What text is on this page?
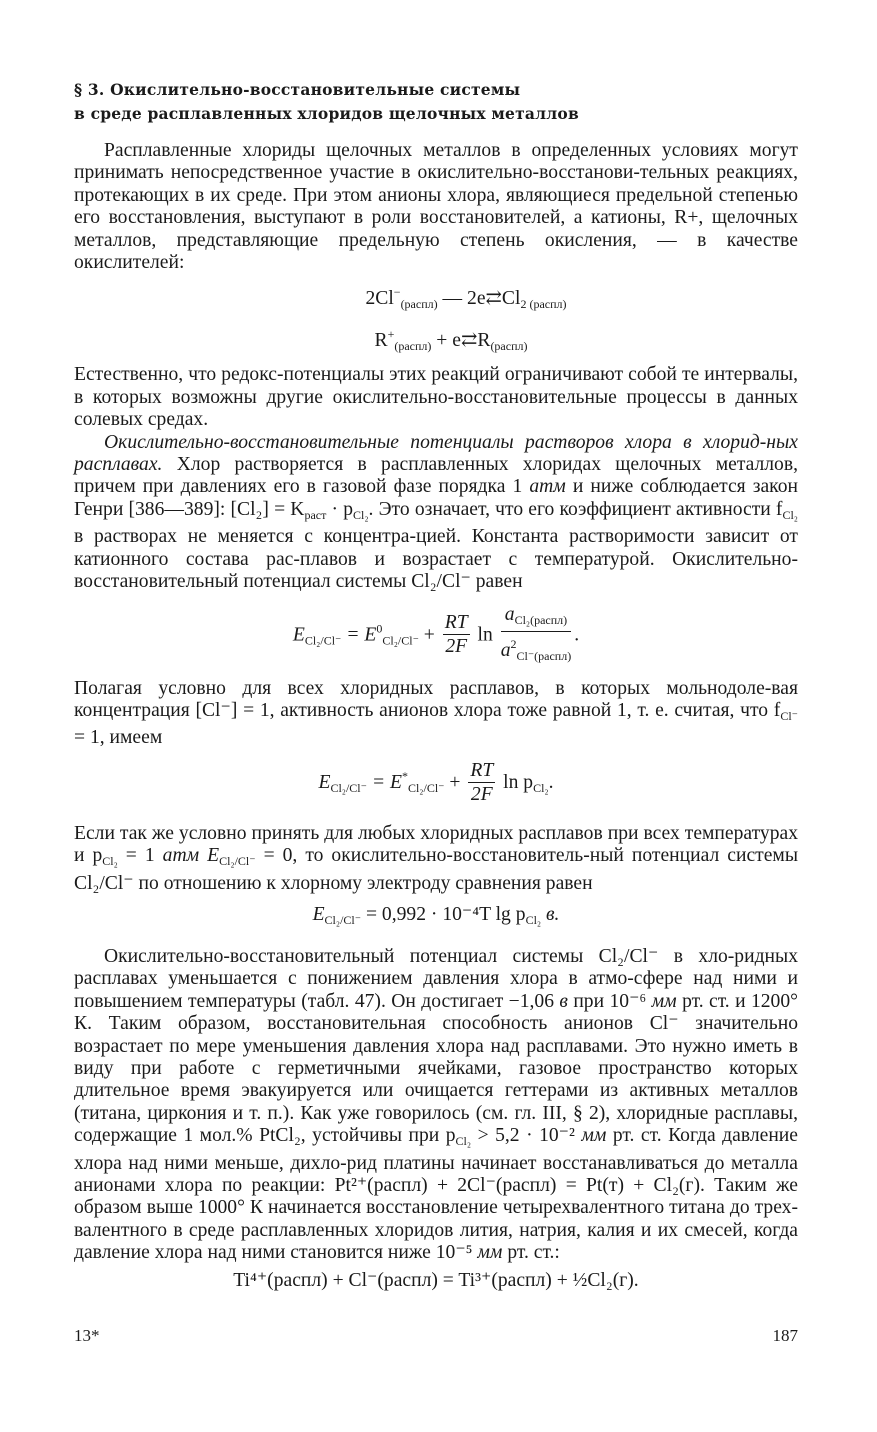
§ 3. Окислительно-восстановительные системы
в среде расплавленных хлоридов щелочных металлов

Расплавленные хлориды щелочных металлов в определенных условиях могут принимать непосредственное участие в окислительно-восстанови-тельных реакциях, протекающих в их среде. При этом анионы хлора, являющиеся предельной степенью его восстановления, выступают в роли восстановителей, а катионы, R+, щелочных металлов, представляющие предельную степень окисления, — в качестве окислителей:

$2Cl^-_{(распл)}$ — $2e⇄Cl_{2 (распл)}$
$R^+_{(распл)}$ + $e⇄R_{(распл)}$

Естественно, что редокс-потенциалы этих реакций ограничивают собой те интервалы, в которых возможны другие окислительно-восстановительные процессы в данных солевых средах.

Окислительно-восстановительные потенциалы растворов хлора в хлорид-ных расплавах. Хлор растворяется в расплавленных хлоридах щелочных металлов, причем при давлениях его в газовой фазе порядка 1 атм и ниже соблюдается закон Генри [386—389]: $[Cl_2] = K_{раст} \cdot p_{Cl_2}$. Это означает, что его коэффициент активности $f_{Cl_2}$ в растворах не меняется с концентра-цией. Константа растворимости зависит от катионного состава рас-плавов и возрастает с температурой. Окислительно-восстановительный потенциал системы Cl₂/Cl⁻ равен

$E_{Cl_2/Cl^-} = E^0_{Cl_2/Cl^-} + \frac{RT}{2F}$ $\ln \frac{a_{Cl_2(распл)}}{a^2_{Cl^-(распл)}}$ .

Полагая условно для всех хлоридных расплавов, в которых мольнодоле-вая концентрация [Cl⁻] = 1, активность анионов хлора тоже равной 1, т. е. считая, что $f_{Cl^-} = 1$, имеем

$E_{Cl_2/Cl^-} = E^*_{Cl_2/Cl^-} + \frac{RT}{2F}$ $\ln p_{Cl_2}$.

Если так же условно принять для любых хлоридных расплавов при всех температурах и $p_{Cl_2} = 1$ атм $E_{Cl_2/Cl^-} = 0$, то окислительно-восстановитель-ный потенциал системы Cl₂/Cl⁻ по отношению к хлорному электроду сравнения равен

$E_{Cl_2/Cl^-} = 0,992 \cdot 10^{-4}T$ $\lg p_{Cl_2}$ в.

Окислительно-восстановительный потенциал системы Cl₂/Cl⁻ в хло-ридных расплавах уменьшается с понижением давления хлора в атмо-сфере над ними и повышением температуры (табл. 47). Он достигает −1,06 в при 10⁻⁶ мм рт. ст. и 1200° К. Таким образом, восстановительная способность анионов Cl⁻ значительно возрастает по мере уменьшения давления хлора над расплавами. Это нужно иметь в виду при работе с герметичными ячейками, газовое пространство которых длительное время эвакуируется или очищается геттерами из активных металлов (титана, циркония и т. п.). Как уже говорилось (см. гл. III, § 2), хлоридные расплавы, содержащие 1 мол.% PtCl₂, устойчивы при $p_{Cl_2} > 5,2 \cdot 10^{-2}$ мм рт. ст. Когда давление хлора над ними меньше, дихло-рид платины начинает восстанавливаться до металла анионами хлора по реакции: Pt²⁺(распл) + 2Cl⁻(распл) = Pt(т) + Cl₂(г). Таким же образом выше 1000° К начинается восстановление четырехвалентного титана до трех-валентного в среде расплавленных хлоридов лития, натрия, калия и их смесей, когда давление хлора над ними становится ниже 10⁻⁵ мм рт. ст.:

Ti⁴⁺(распл) + Cl⁻(распл) = Ti³⁺(распл) + ½Cl₂(г).
13*	187
